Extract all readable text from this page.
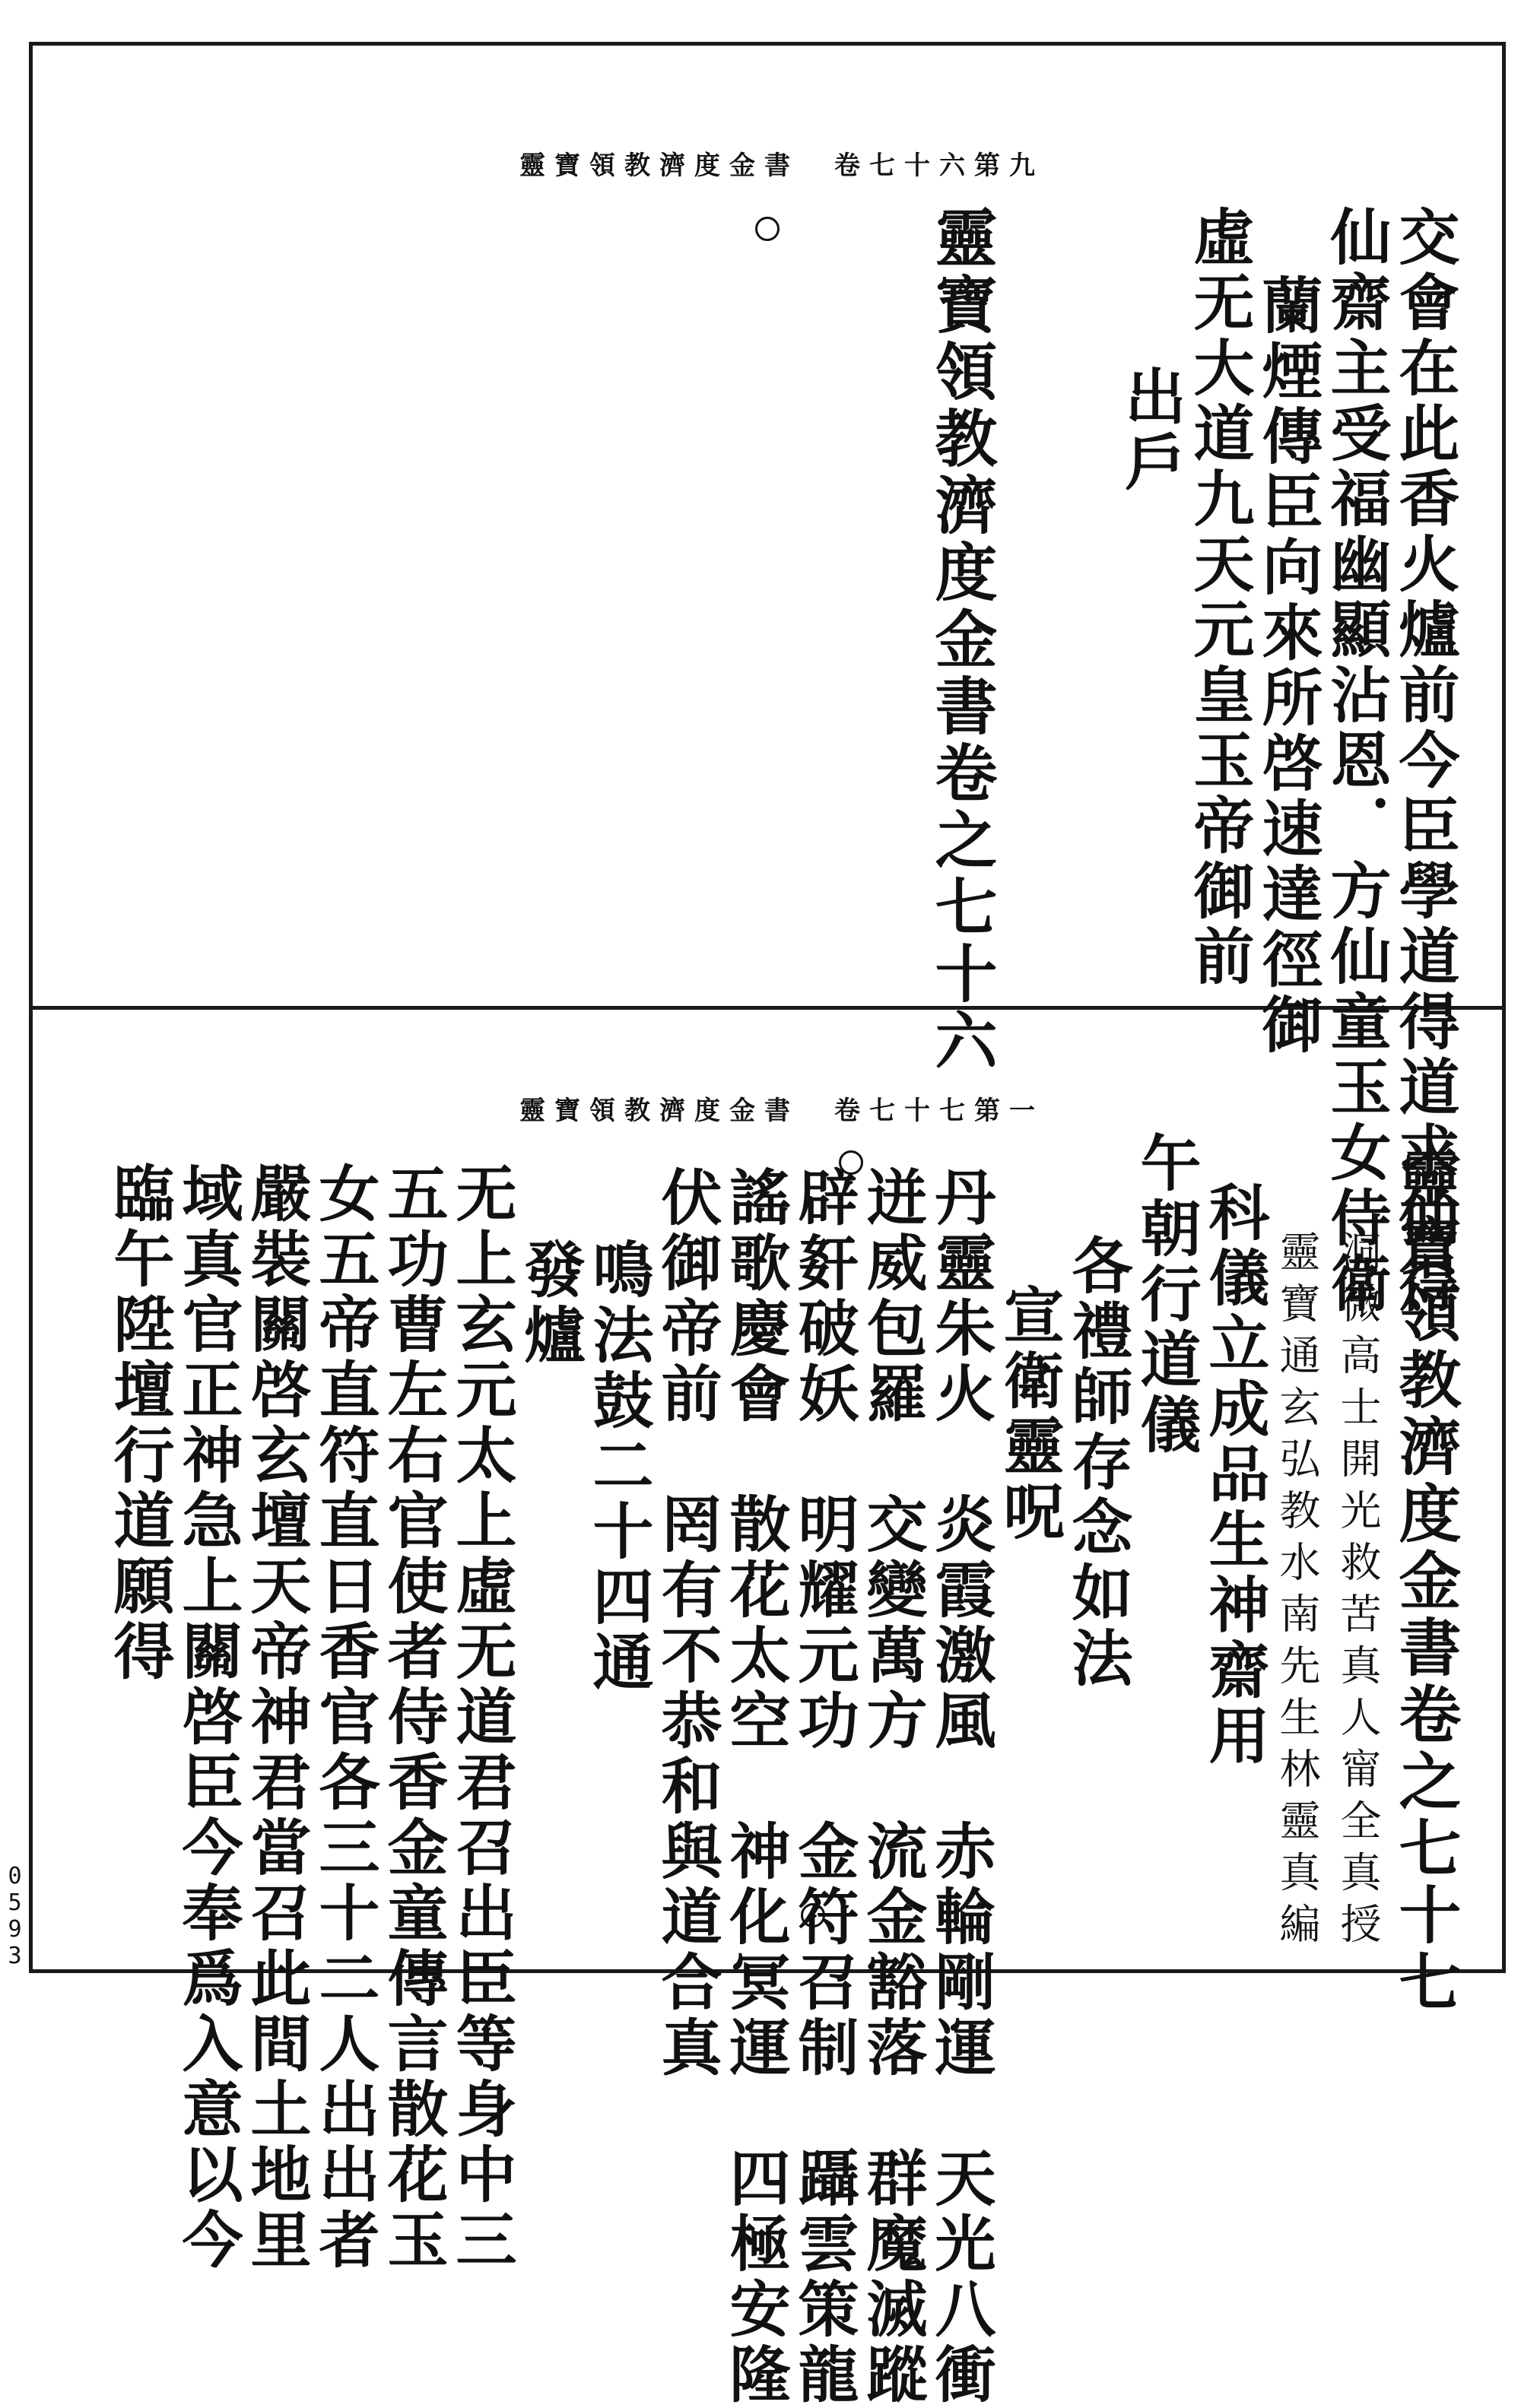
靈寶領教濟度金書　卷七十六第九
交會在此香火爐前今臣學道得道求仙得
仙齋主受福幽顯沾恩．方仙童玉女侍衛
蘭煙傳臣向來所啓速達徑御
虛无大道九天元皇玉帝御前
出戶
靈寶領教濟度金書卷之七十六
靈寶領教濟度金書　卷七十七第一
靈寶領教濟度金書卷之七十七
洞微高士開光救苦真人甯全真授
靈寶通玄弘教水南先生林靈真編
科儀立成品生神齋用
午朝行道儀
各禮師存念如法
宣衛靈呪
丹靈朱火　炎霞激風　赤輪剛運　天光八衝
迸威包羅　交變萬方　流金豁落　群魔滅蹤
辟姧破妖　明耀元功　金符召制　躡雲策龍
謠歌慶會　散花太空　神化冥運　四極安隆
伏御帝前　罔有不恭和與道合真
鳴法鼓二十四通
發爐
无上玄元太上虛无道君召出臣等身中三
五功曹左右官使者侍香金童傳言散花玉
女五帝直符直日香官各三十二人出出者
嚴裝關啓玄壇天帝神君當召此間土地里
域真官正神急上關啓臣今奉爲入意以今
臨午陞壇行道願得
0593
